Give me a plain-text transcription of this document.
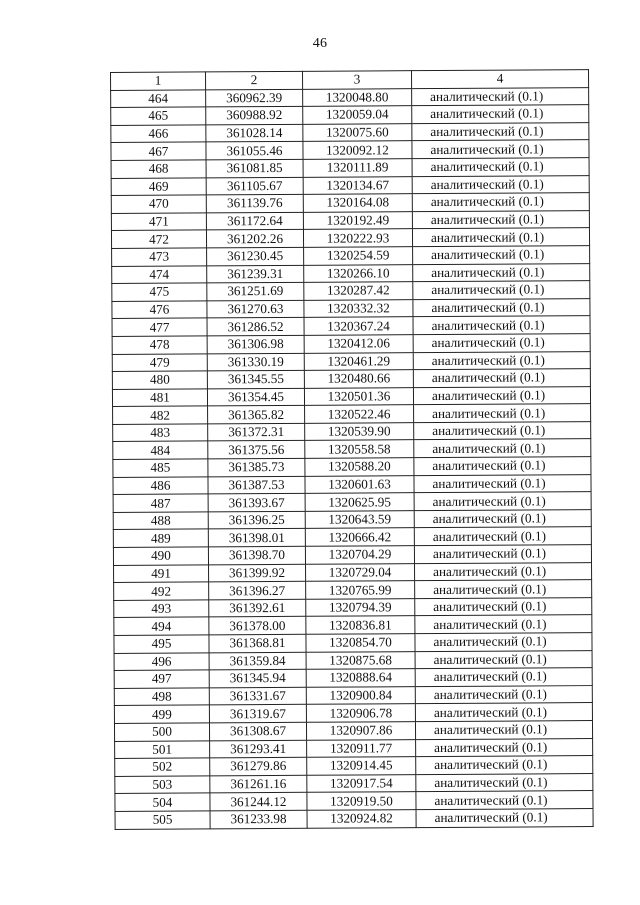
46
1	2	3	4
464	360962.39	1320048.80	аналитический (0.1)
465	360988.92	1320059.04	аналитический (0.1)
466	361028.14	1320075.60	аналитический (0.1)
467	361055.46	1320092.12	аналитический (0.1)
468	361081.85	1320111.89	аналитический (0.1)
469	361105.67	1320134.67	аналитический (0.1)
470	361139.76	1320164.08	аналитический (0.1)
471	361172.64	1320192.49	аналитический (0.1)
472	361202.26	1320222.93	аналитический (0.1)
473	361230.45	1320254.59	аналитический (0.1)
474	361239.31	1320266.10	аналитический (0.1)
475	361251.69	1320287.42	аналитический (0.1)
476	361270.63	1320332.32	аналитический (0.1)
477	361286.52	1320367.24	аналитический (0.1)
478	361306.98	1320412.06	аналитический (0.1)
479	361330.19	1320461.29	аналитический (0.1)
480	361345.55	1320480.66	аналитический (0.1)
481	361354.45	1320501.36	аналитический (0.1)
482	361365.82	1320522.46	аналитический (0.1)
483	361372.31	1320539.90	аналитический (0.1)
484	361375.56	1320558.58	аналитический (0.1)
485	361385.73	1320588.20	аналитический (0.1)
486	361387.53	1320601.63	аналитический (0.1)
487	361393.67	1320625.95	аналитический (0.1)
488	361396.25	1320643.59	аналитический (0.1)
489	361398.01	1320666.42	аналитический (0.1)
490	361398.70	1320704.29	аналитический (0.1)
491	361399.92	1320729.04	аналитический (0.1)
492	361396.27	1320765.99	аналитический (0.1)
493	361392.61	1320794.39	аналитический (0.1)
494	361378.00	1320836.81	аналитический (0.1)
495	361368.81	1320854.70	аналитический (0.1)
496	361359.84	1320875.68	аналитический (0.1)
497	361345.94	1320888.64	аналитический (0.1)
498	361331.67	1320900.84	аналитический (0.1)
499	361319.67	1320906.78	аналитический (0.1)
500	361308.67	1320907.86	аналитический (0.1)
501	361293.41	1320911.77	аналитический (0.1)
502	361279.86	1320914.45	аналитический (0.1)
503	361261.16	1320917.54	аналитический (0.1)
504	361244.12	1320919.50	аналитический (0.1)
505	361233.98	1320924.82	аналитический (0.1)
